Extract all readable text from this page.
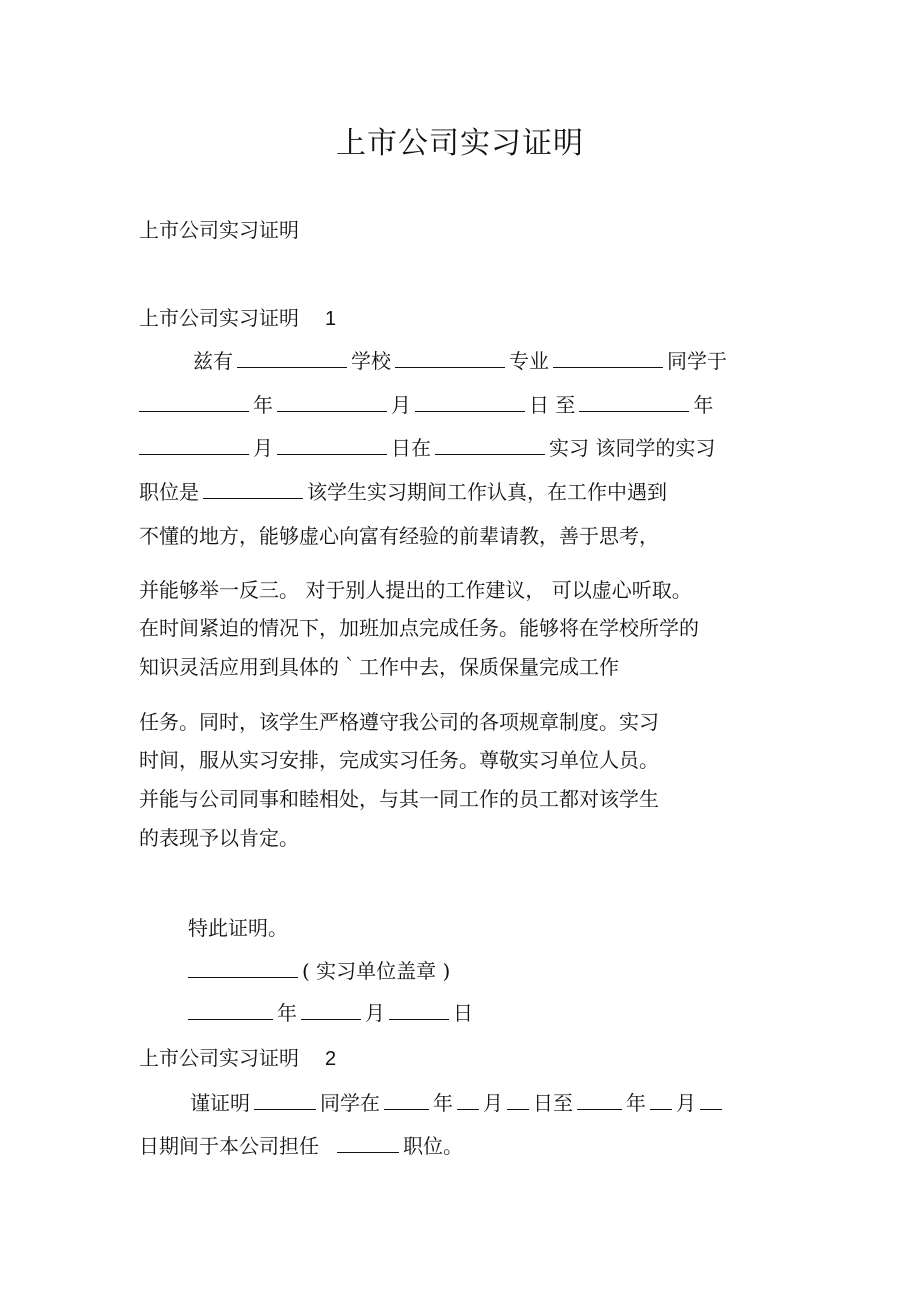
上市公司实习证明
上市公司实习证明
上市公司实习证明 1
兹有	学校	专业	同学于
年	月	日 至	年
月	日在	实习 该同学的实习
职位是	该学生实习期间工作认真，在工作中遇到
不懂的地方，能够虚心向富有经验的前辈请教，善于思考，
并能够举一反三。 对于别人提出的工作建议， 可以虚心听取。
在时间紧迫的情况下，加班加点完成任务。能够将在学校所学的
知识灵活应用到具体的｀工作中去，保质保量完成工作
任务。同时，该学生严格遵守我公司的各项规章制度。实习
时间，服从实习安排，完成实习任务。尊敬实习单位人员。
并能与公司同事和睦相处，与其一同工作的员工都对该学生
的表现予以肯定。
特此证明。
( 实习单位盖章 )
年	月	日
上市公司实习证明 2
谨证明	同学在	年 月 日至	年 月
日期间于本公司担任	职位。
